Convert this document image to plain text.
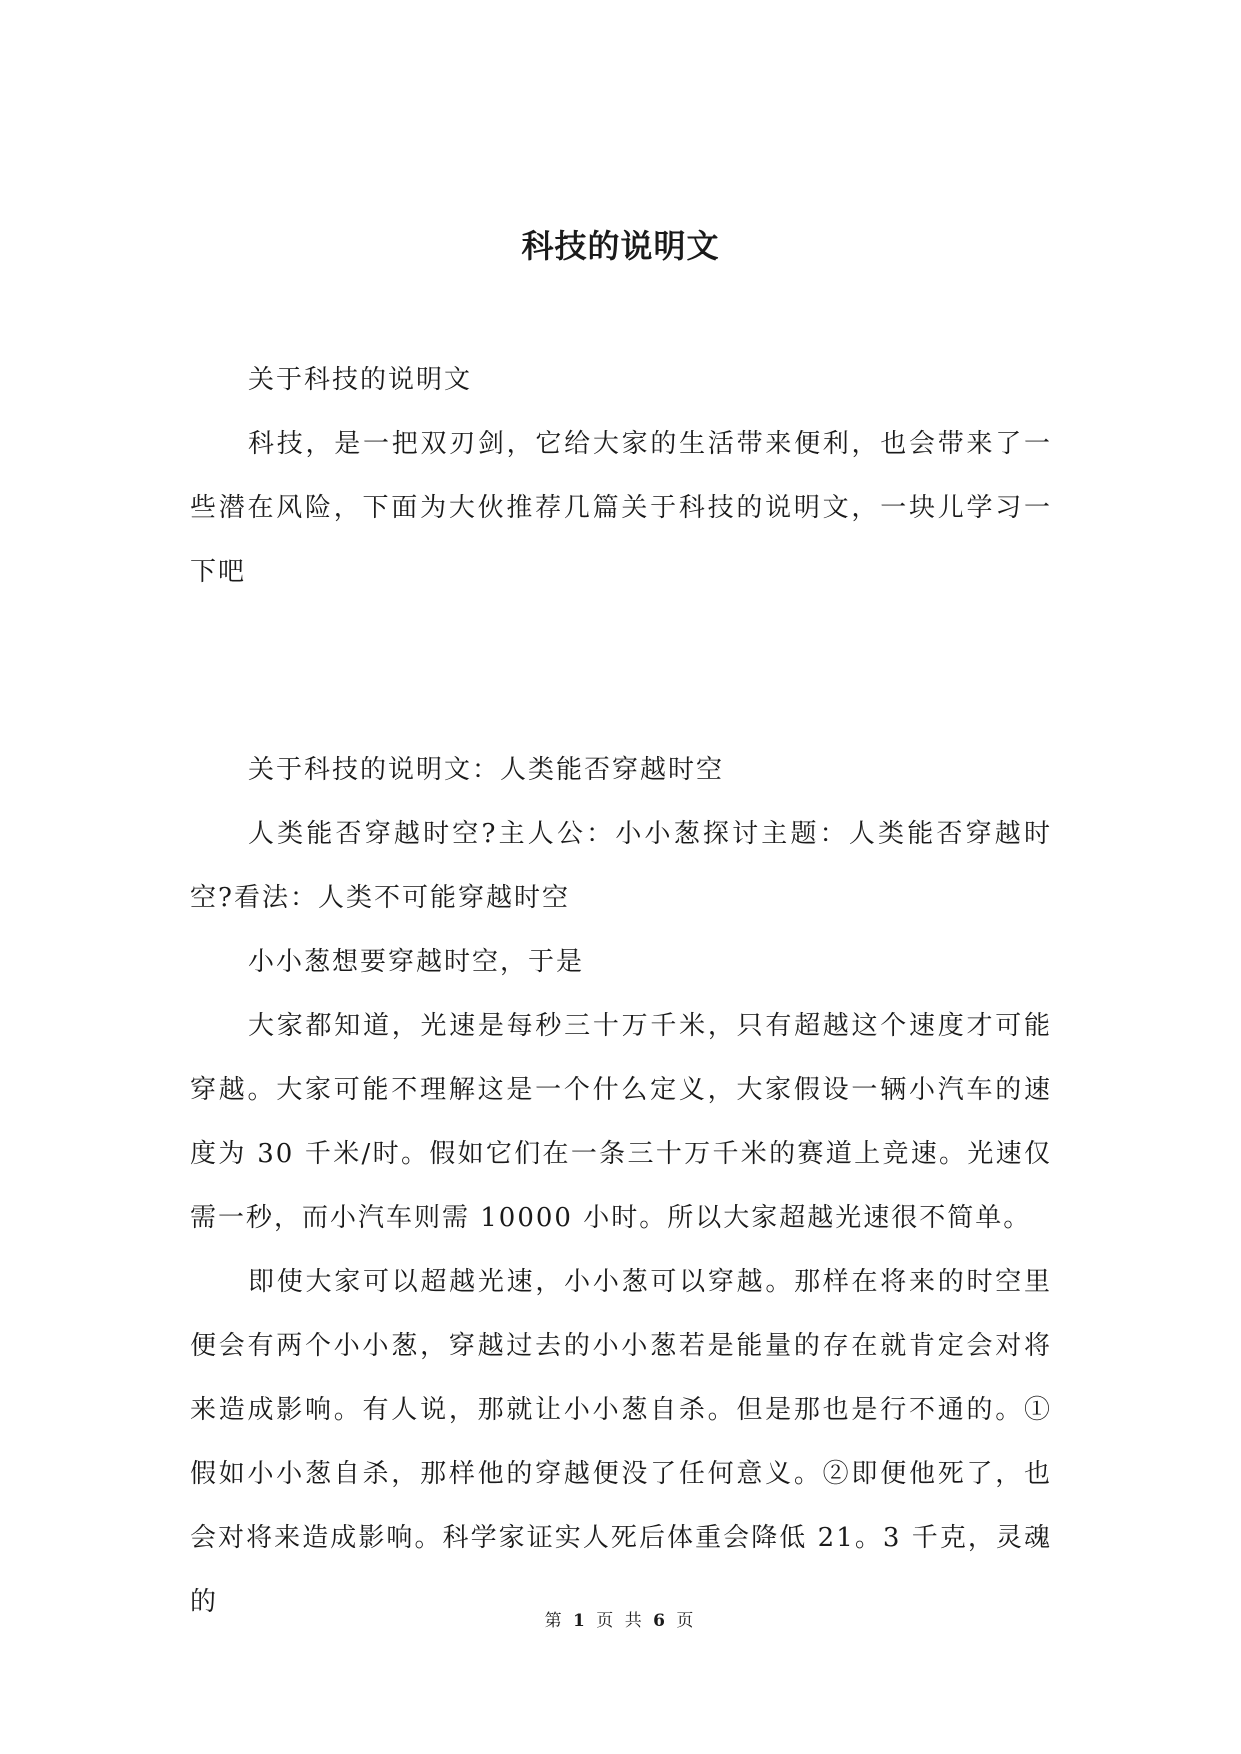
科技的说明文

关于科技的说明文

科技，是一把双刃剑，它给大家的生活带来便利，也会带来了一些潜在风险，下面为大伙推荐几篇关于科技的说明文，一块儿学习一下吧

关于科技的说明文：人类能否穿越时空

人类能否穿越时空?主人公：小小葱探讨主题：人类能否穿越时空?看法：人类不可能穿越时空

小小葱想要穿越时空，于是

大家都知道，光速是每秒三十万千米，只有超越这个速度才可能穿越。大家可能不理解这是一个什么定义，大家假设一辆小汽车的速度为 30 千米/时。假如它们在一条三十万千米的赛道上竞速。光速仅需一秒，而小汽车则需 10000 小时。所以大家超越光速很不简单。

即使大家可以超越光速，小小葱可以穿越。那样在将来的时空里便会有两个小小葱，穿越过去的小小葱若是能量的存在就肯定会对将来造成影响。有人说，那就让小小葱自杀。但是那也是行不通的。①假如小小葱自杀，那样他的穿越便没了任何意义。②即便他死了，也会对将来造成影响。科学家证实人死后体重会降低 21。3 千克，灵魂的

第 1 页 共 6 页
